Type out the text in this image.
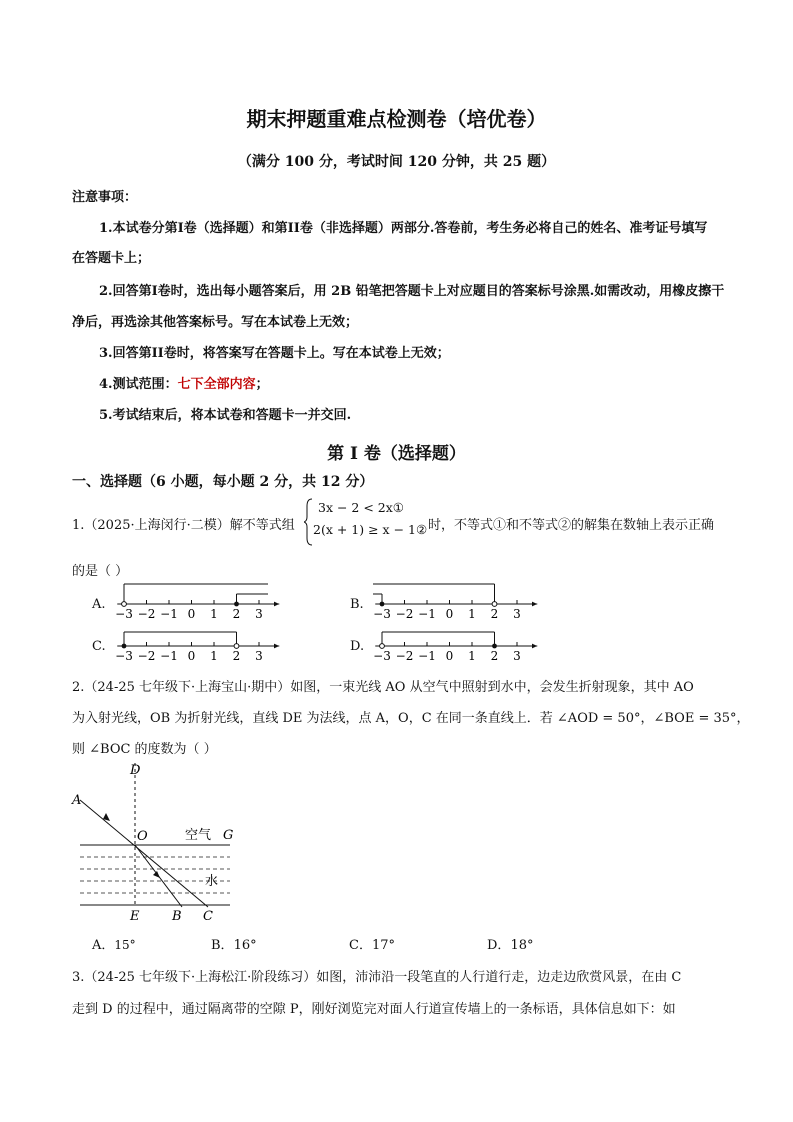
期末押题重难点检测卷（培优卷）
（满分 100 分，考试时间 120 分钟，共 25 题）
注意事项：
1.本试卷分第I卷（选择题）和第II卷（非选择题）两部分.答卷前，考生务必将自己的姓名、准考证号填写
在答题卡上；
2.回答第I卷时，选出每小题答案后，用 2B 铅笔把答题卡上对应题目的答案标号涂黑.如需改动，用橡皮擦干
净后，再选涂其他答案标号。写在本试卷上无效；
3.回答第II卷时，将答案写在答题卡上。写在本试卷上无效；
4.测试范围：七下全部内容；
5.考试结束后，将本试卷和答题卡一并交回.
第 I 卷（选择题）
一、选择题（6 小题，每小题 2 分，共 12 分）
1.（2025·上海闵行·二模）解不等式组
3x − 2 < 2x①
2(x + 1) ≥ x − 1② 时，不等式①和不等式②的解集在数轴上表示正确
的是（ ）
A.	B.
C.	D.
−3 −2 −1 0 1 2 3	−3 −2 −1 0 1 2 3
−3 −2 −1 0 1 2 3	−3 −2 −1 0 1 2 3
2.（24-25 七年级下·上海宝山·期中）如图，一束光线 AO 从空气中照射到水中，会发生折射现象，其中 AO
为入射光线，OB 为折射光线，直线 DE 为法线，点 A，O，C 在同一条直线上．若 ∠AOD = 50°，∠BOE = 35°，
则 ∠BOC 的度数为（ ）
D
A
O	空气 G
水
E	B C
A．15°	B．16°	C．17°	D．18°
3.（24-25 七年级下·上海松江·阶段练习）如图，沛沛沿一段笔直的人行道行走，边走边欣赏风景，在由 C
走到 D 的过程中，通过隔离带的空隙 P，刚好浏览完对面人行道宣传墙上的一条标语，具体信息如下：如
